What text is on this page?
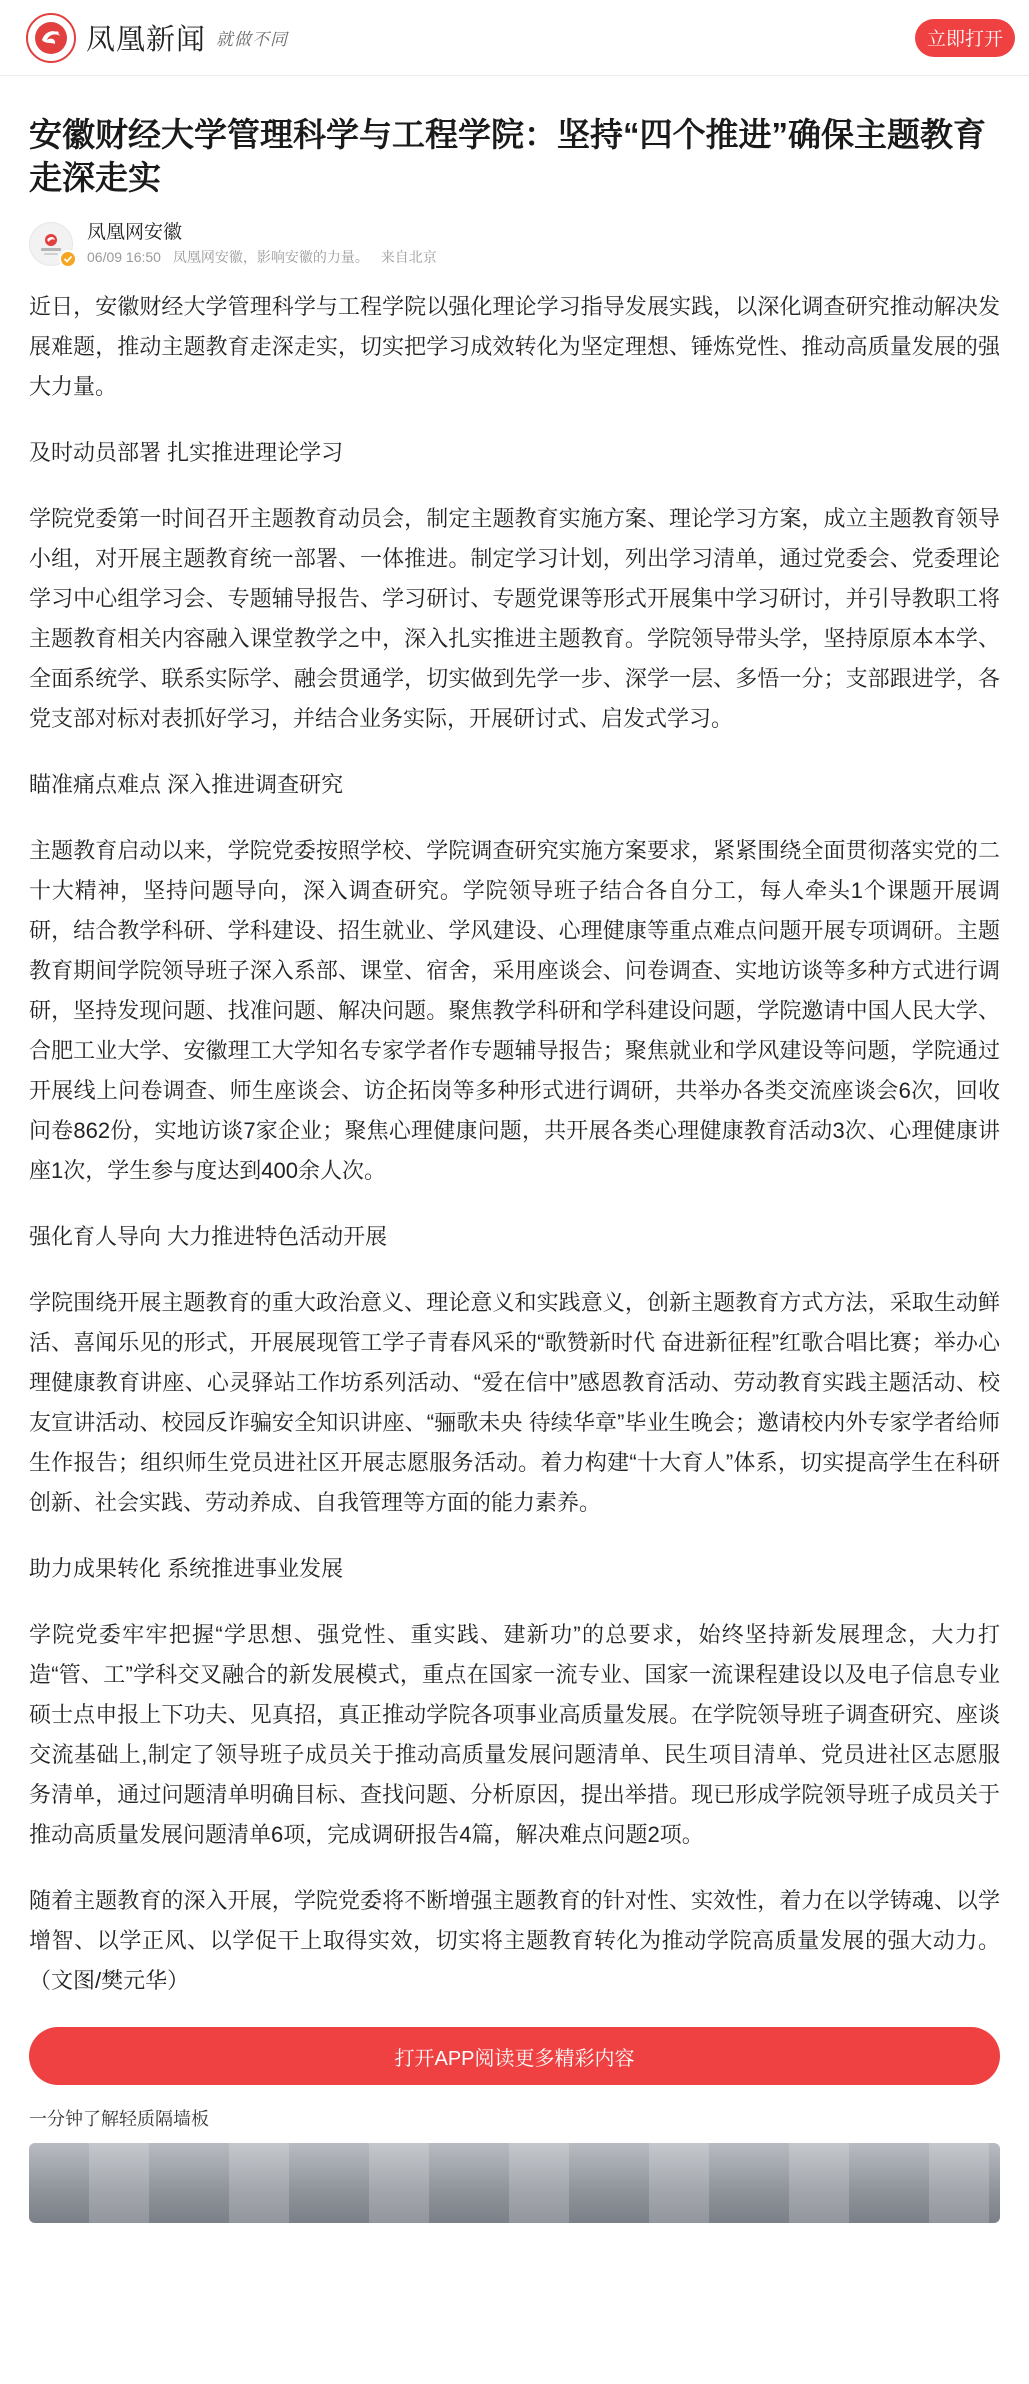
凤凰新闻 就做不同	立即打开
安徽财经大学管理科学与工程学院：坚持“四个推进”确保主题教育走深走实
凤凰网安徽
06/09 16:50 凤凰网安徽，影响安徽的力量。 来自北京

近日，安徽财经大学管理科学与工程学院以强化理论学习指导发展实践，以深化调查研究推动解决发展难题，推动主题教育走深走实，切实把学习成效转化为坚定理想、锤炼党性、推动高质量发展的强大力量。

及时动员部署 扎实推进理论学习

学院党委第一时间召开主题教育动员会，制定主题教育实施方案、理论学习方案，成立主题教育领导小组，对开展主题教育统一部署、一体推进。制定学习计划，列出学习清单，通过党委会、党委理论学习中心组学习会、专题辅导报告、学习研讨、专题党课等形式开展集中学习研讨，并引导教职工将主题教育相关内容融入课堂教学之中，深入扎实推进主题教育。学院领导带头学，坚持原原本本学、全面系统学、联系实际学、融会贯通学，切实做到先学一步、深学一层、多悟一分；支部跟进学，各党支部对标对表抓好学习，并结合业务实际，开展研讨式、启发式学习。

瞄准痛点难点 深入推进调查研究

主题教育启动以来，学院党委按照学校、学院调查研究实施方案要求，紧紧围绕全面贯彻落实党的二十大精神，坚持问题导向，深入调查研究。学院领导班子结合各自分工，每人牵头1个课题开展调研，结合教学科研、学科建设、招生就业、学风建设、心理健康等重点难点问题开展专项调研。主题教育期间学院领导班子深入系部、课堂、宿舍，采用座谈会、问卷调查、实地访谈等多种方式进行调研，坚持发现问题、找准问题、解决问题。聚焦教学科研和学科建设问题，学院邀请中国人民大学、合肥工业大学、安徽理工大学知名专家学者作专题辅导报告；聚焦就业和学风建设等问题，学院通过开展线上问卷调查、师生座谈会、访企拓岗等多种形式进行调研，共举办各类交流座谈会6次，回收问卷862份，实地访谈7家企业；聚焦心理健康问题，共开展各类心理健康教育活动3次、心理健康讲座1次，学生参与度达到400余人次。

强化育人导向 大力推进特色活动开展

学院围绕开展主题教育的重大政治意义、理论意义和实践意义，创新主题教育方式方法，采取生动鲜活、喜闻乐见的形式，开展展现管工学子青春风采的“歌赞新时代 奋进新征程”红歌合唱比赛；举办心理健康教育讲座、心灵驿站工作坊系列活动、“爱在信中”感恩教育活动、劳动教育实践主题活动、校友宣讲活动、校园反诈骗安全知识讲座、“骊歌未央 待续华章”毕业生晚会；邀请校内外专家学者给师生作报告；组织师生党员进社区开展志愿服务活动。着力构建“十大育人”体系，切实提高学生在科研创新、社会实践、劳动养成、自我管理等方面的能力素养。

助力成果转化 系统推进事业发展

学院党委牢牢把握“学思想、强党性、重实践、建新功”的总要求，始终坚持新发展理念，大力打造“管、工”学科交叉融合的新发展模式，重点在国家一流专业、国家一流课程建设以及电子信息专业硕士点申报上下功夫、见真招，真正推动学院各项事业高质量发展。在学院领导班子调查研究、座谈交流基础上,制定了领导班子成员关于推动高质量发展问题清单、民生项目清单、党员进社区志愿服务清单，通过问题清单明确目标、查找问题、分析原因，提出举措。现已形成学院领导班子成员关于推动高质量发展问题清单6项，完成调研报告4篇，解决难点问题2项。

随着主题教育的深入开展，学院党委将不断增强主题教育的针对性、实效性，着力在以学铸魂、以学增智、以学正风、以学促干上取得实效，切实将主题教育转化为推动学院高质量发展的强大动力。（文图/樊元华）

打开APP阅读更多精彩内容
一分钟了解轻质隔墙板
